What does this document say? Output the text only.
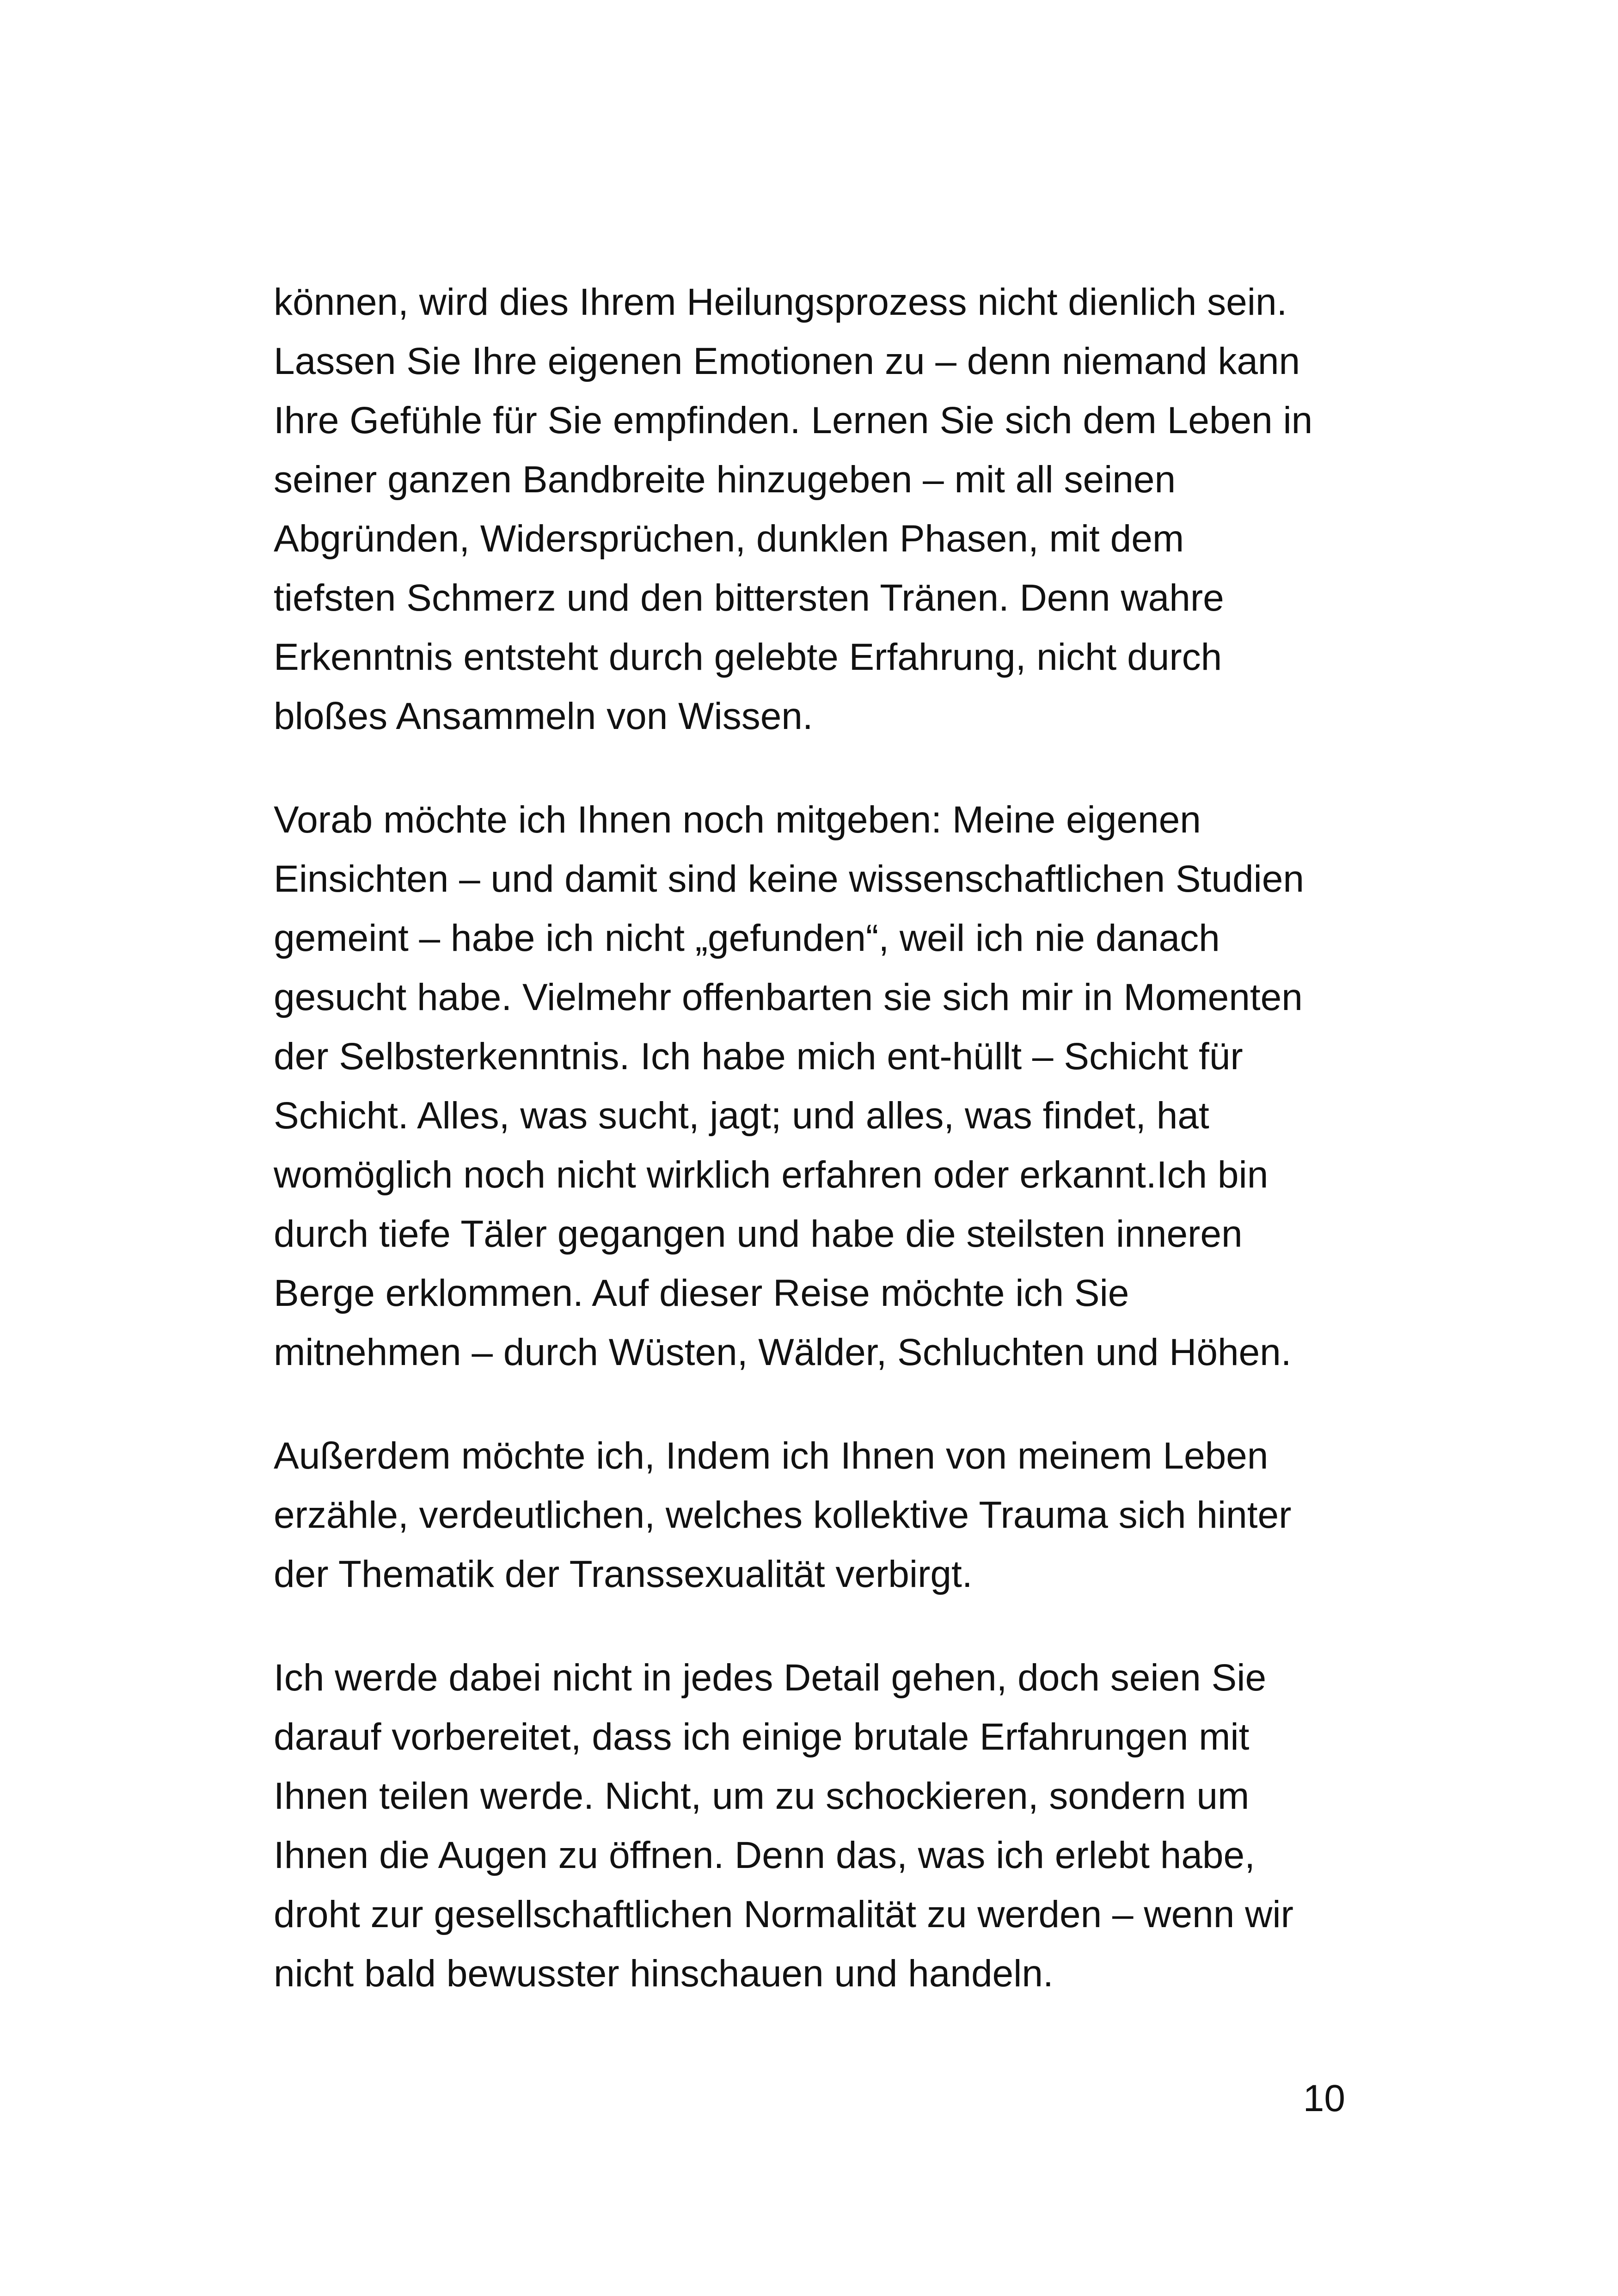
können, wird dies Ihrem Heilungsprozess nicht dienlich sein.
Lassen Sie Ihre eigenen Emotionen zu – denn niemand kann
Ihre Gefühle für Sie empfinden. Lernen Sie sich dem Leben in
seiner ganzen Bandbreite hinzugeben – mit all seinen
Abgründen, Widersprüchen, dunklen Phasen, mit dem
tiefsten Schmerz und den bittersten Tränen. Denn wahre
Erkenntnis entsteht durch gelebte Erfahrung, nicht durch
bloßes Ansammeln von Wissen.

Vorab möchte ich Ihnen noch mitgeben: Meine eigenen
Einsichten – und damit sind keine wissenschaftlichen Studien
gemeint – habe ich nicht „gefunden“, weil ich nie danach
gesucht habe. Vielmehr offenbarten sie sich mir in Momenten
der Selbsterkenntnis. Ich habe mich ent-hüllt – Schicht für
Schicht. Alles, was sucht, jagt; und alles, was findet, hat
womöglich noch nicht wirklich erfahren oder erkannt.Ich bin
durch tiefe Täler gegangen und habe die steilsten inneren
Berge erklommen. Auf dieser Reise möchte ich Sie
mitnehmen – durch Wüsten, Wälder, Schluchten und Höhen.

Außerdem möchte ich, Indem ich Ihnen von meinem Leben
erzähle, verdeutlichen, welches kollektive Trauma sich hinter
der Thematik der Transsexualität verbirgt.

Ich werde dabei nicht in jedes Detail gehen, doch seien Sie
darauf vorbereitet, dass ich einige brutale Erfahrungen mit
Ihnen teilen werde. Nicht, um zu schockieren, sondern um
Ihnen die Augen zu öffnen. Denn das, was ich erlebt habe,
droht zur gesellschaftlichen Normalität zu werden – wenn wir
nicht bald bewusster hinschauen und handeln.

10
